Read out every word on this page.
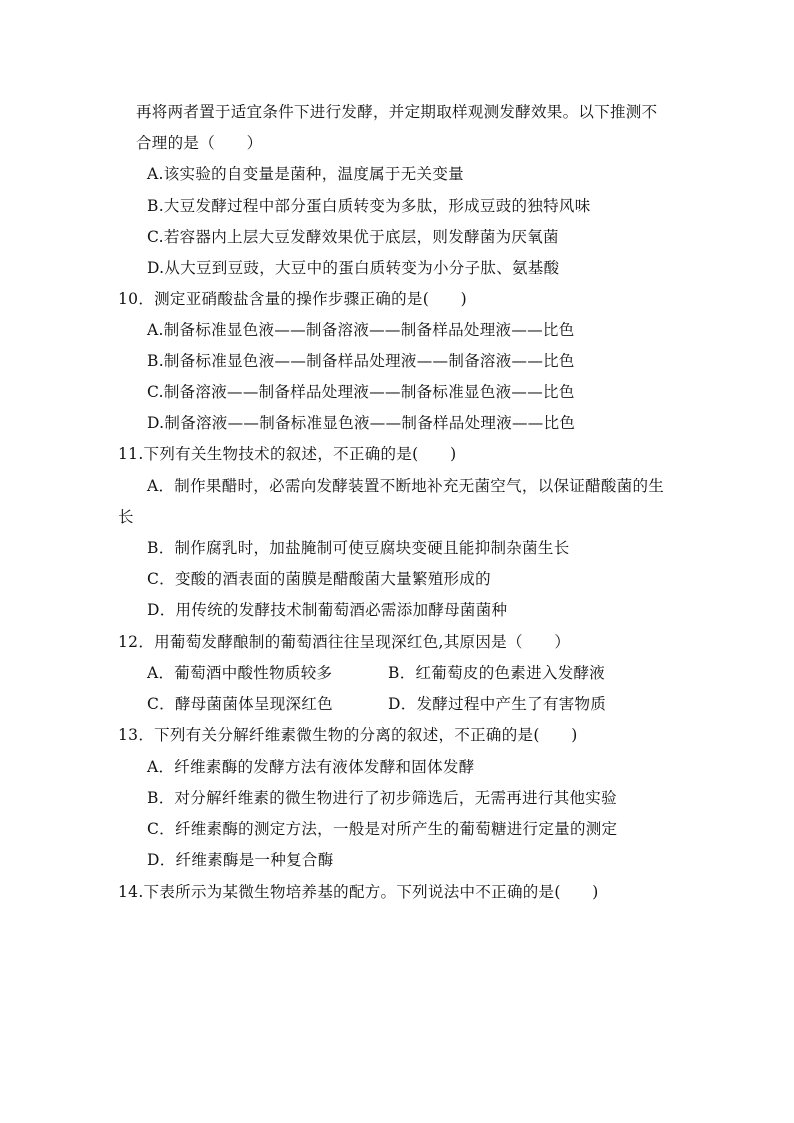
再将两者置于适宜条件下进行发酵，并定期取样观测发酵效果。以下推测不
合理的是（　　）
A.该实验的自变量是菌种，温度属于无关变量
B.大豆发酵过程中部分蛋白质转变为多肽，形成豆豉的独特风味
C.若容器内上层大豆发酵效果优于底层，则发酵菌为厌氧菌
D.从大豆到豆豉，大豆中的蛋白质转变为小分子肽、氨基酸
10．测定亚硝酸盐含量的操作步骤正确的是(　　)
A.制备标准显色液——制备溶液——制备样品处理液——比色
B.制备标准显色液——制备样品处理液——制备溶液——比色
C.制备溶液——制备样品处理液——制备标准显色液——比色
D.制备溶液——制备标准显色液——制备样品处理液——比色
11.下列有关生物技术的叙述，不正确的是(　　)
A．制作果醋时，必需向发酵装置不断地补充无菌空气，以保证醋酸菌的生
长
B．制作腐乳时，加盐腌制可使豆腐块变硬且能抑制杂菌生长
C．变酸的酒表面的菌膜是醋酸菌大量繁殖形成的
D．用传统的发酵技术制葡萄酒必需添加酵母菌菌种
12．用葡萄发酵酿制的葡萄酒往往呈现深红色,其原因是（　　）
A．葡萄酒中酸性物质较多	B．红葡萄皮的色素进入发酵液
C．酵母菌菌体呈现深红色	D．发酵过程中产生了有害物质
13．下列有关分解纤维素微生物的分离的叙述，不正确的是(　　)
A．纤维素酶的发酵方法有液体发酵和固体发酵
B．对分解纤维素的微生物进行了初步筛选后，无需再进行其他实验
C．纤维素酶的测定方法，一般是对所产生的葡萄糖进行定量的测定
D．纤维素酶是一种复合酶
14.下表所示为某微生物培养基的配方。下列说法中不正确的是(　　)
